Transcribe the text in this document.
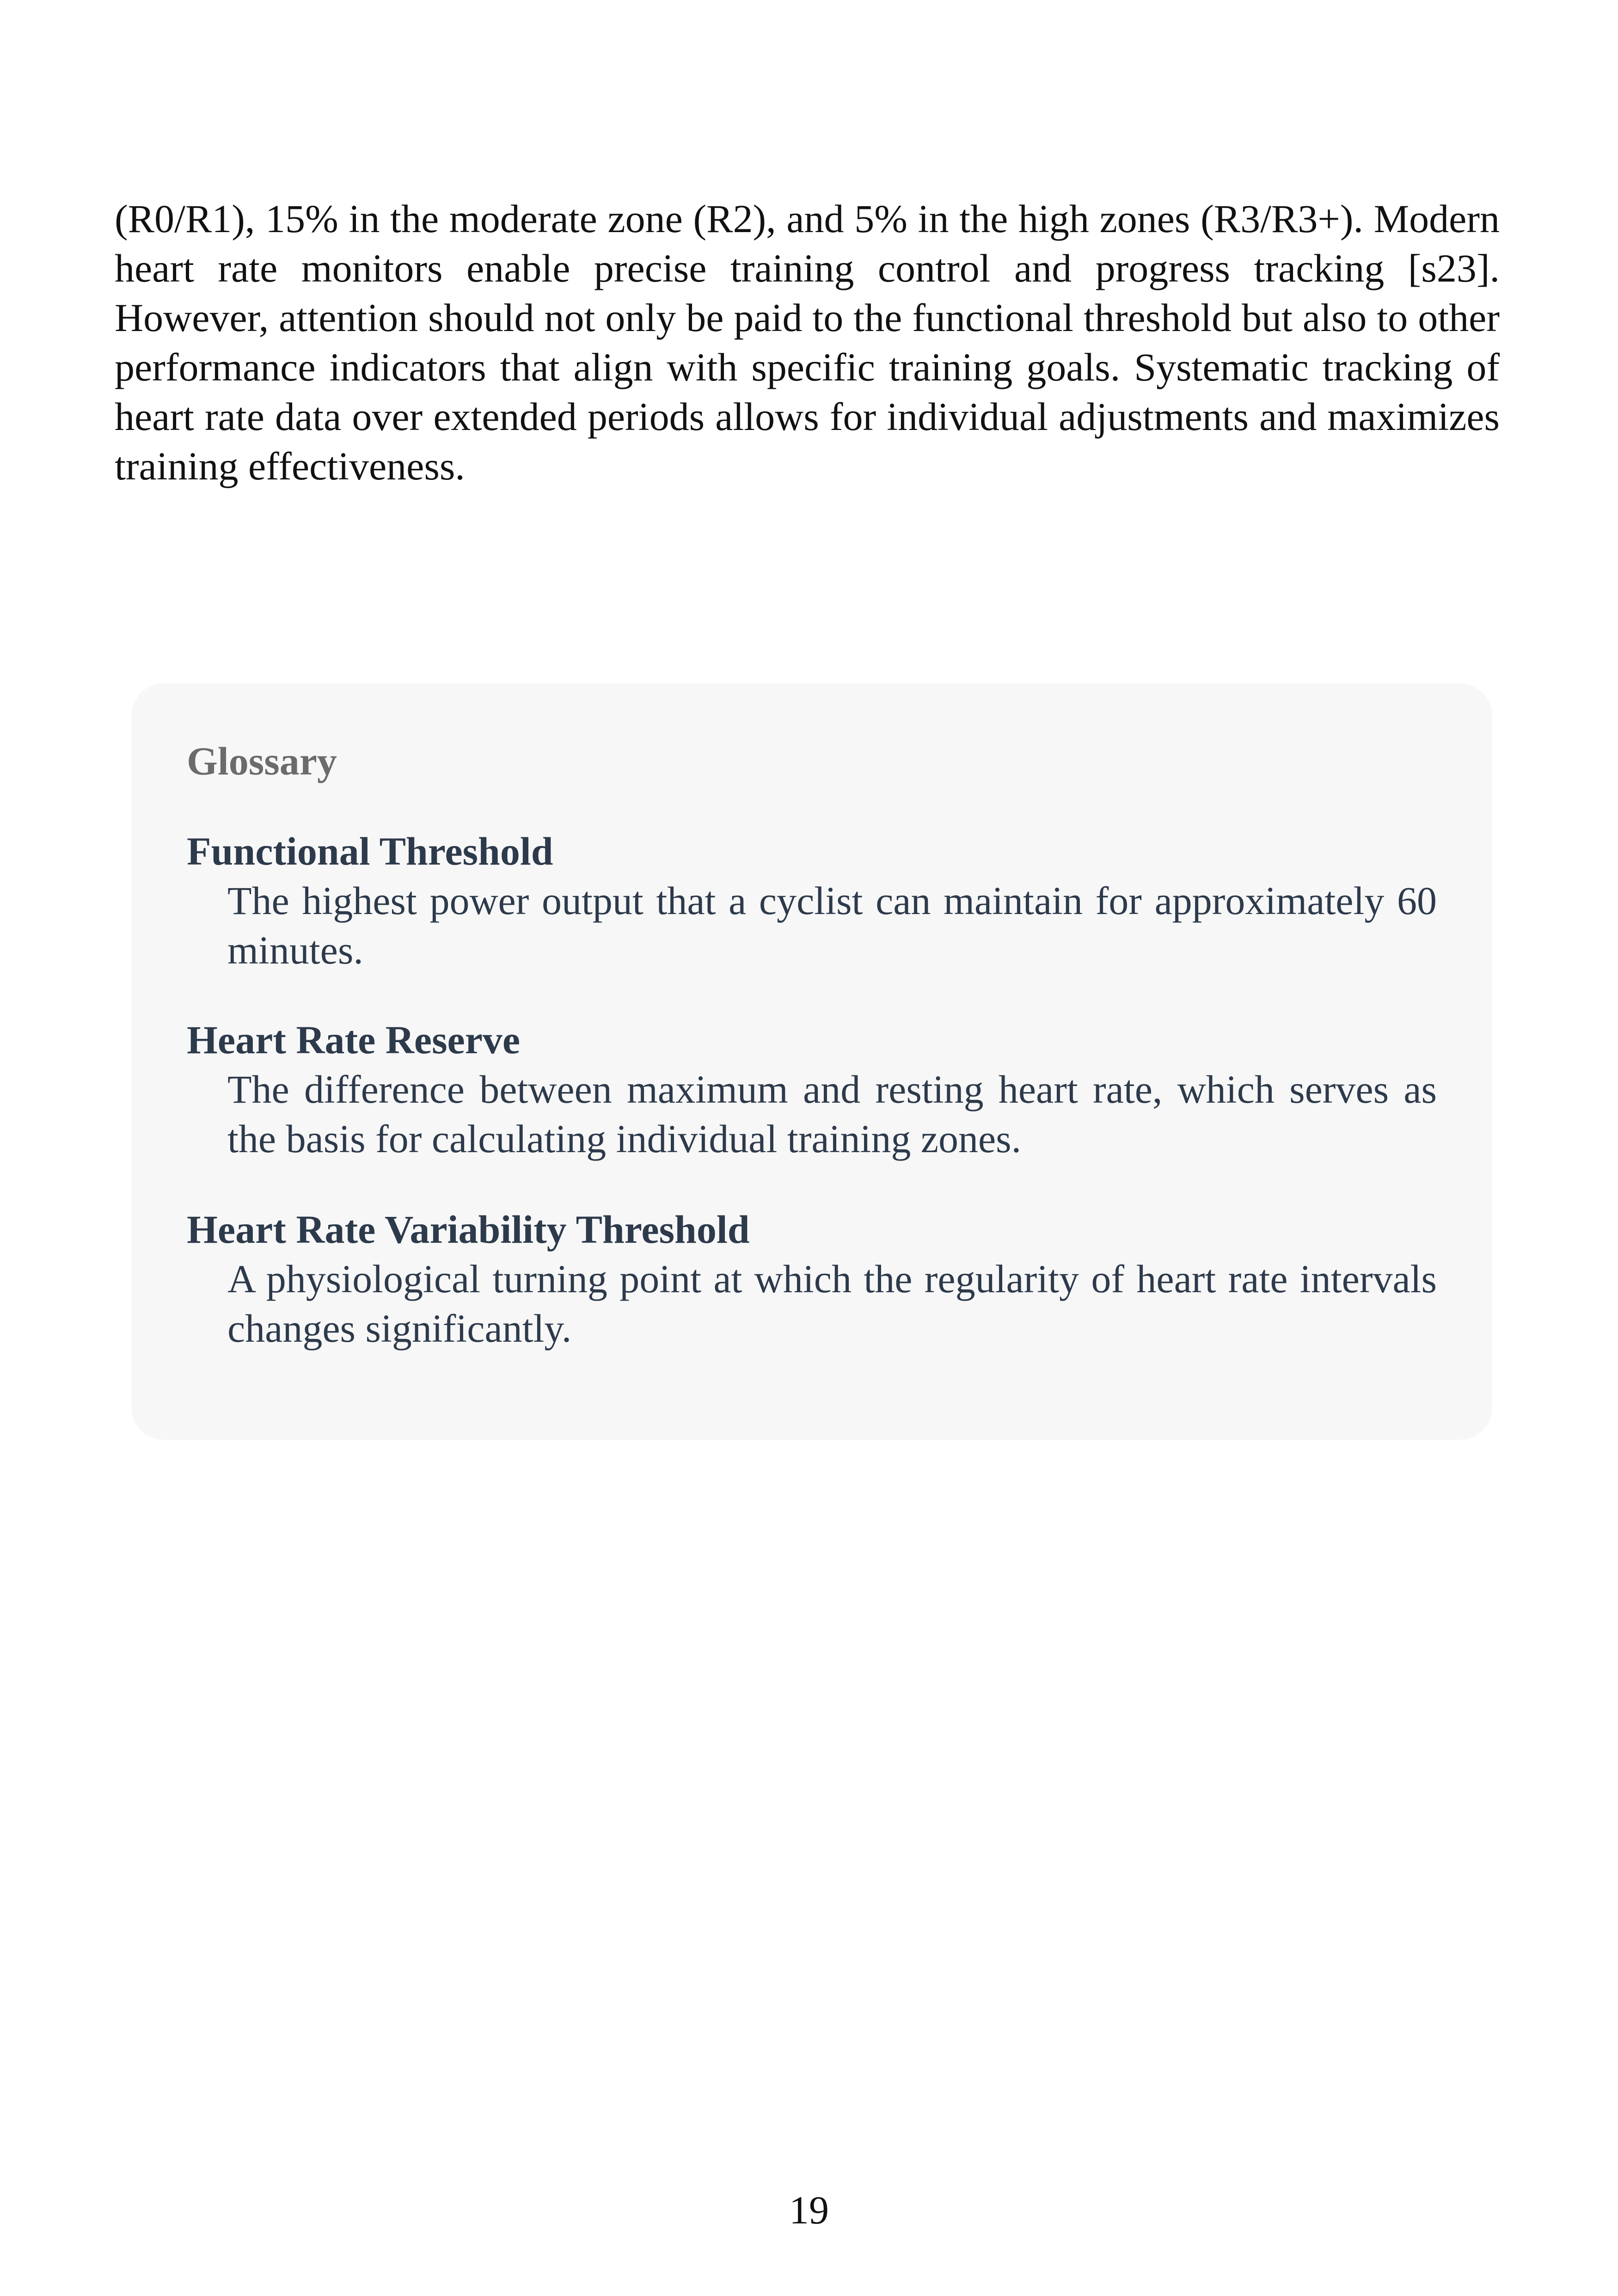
(R0/R1), 15% in the moderate zone (R2), and 5% in the high zones (R3/R3+). Modern heart rate monitors enable precise training control and progress tracking [s23]. However, attention should not only be paid to the functional threshold but also to other performance indicators that align with specific training goals. Systematic tracking of heart rate data over extended periods allows for individual adjustments and maximizes training effectiveness.

Glossary
Functional Threshold

The highest power output that a cyclist can maintain for approximately 60 minutes.

Heart Rate Reserve

The difference between maximum and resting heart rate, which serves as the basis for calculating individual training zones.

Heart Rate Variability Threshold

A physiological turning point at which the regularity of heart rate intervals changes significantly.

19
